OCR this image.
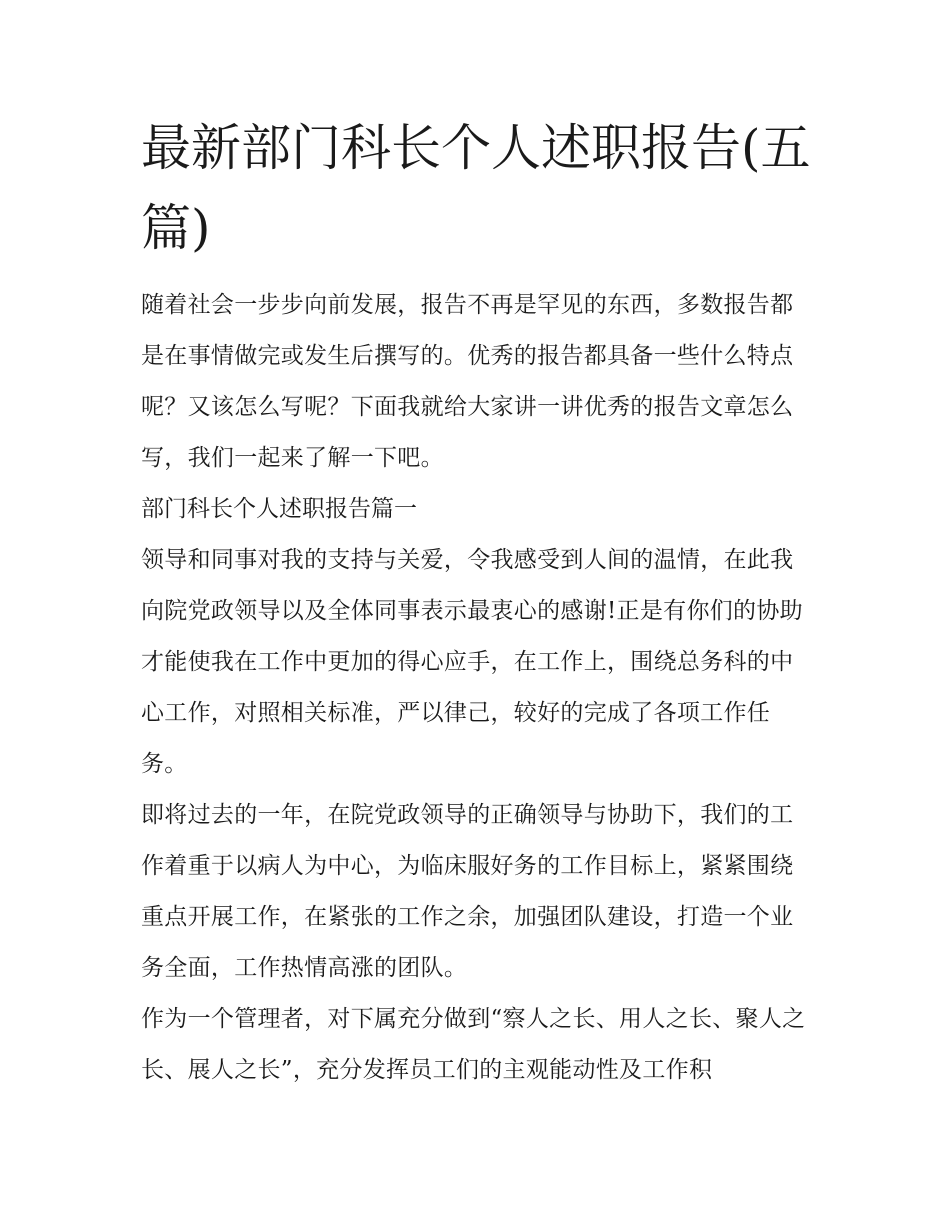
最新部门科长个人述职报告(五篇)

随着社会一步步向前发展，报告不再是罕见的东西，多数报告都是在事情做完或发生后撰写的。优秀的报告都具备一些什么特点呢？又该怎么写呢？下面我就给大家讲一讲优秀的报告文章怎么写，我们一起来了解一下吧。

部门科长个人述职报告篇一

领导和同事对我的支持与关爱，令我感受到人间的温情，在此我向院党政领导以及全体同事表示最衷心的感谢!正是有你们的协助才能使我在工作中更加的得心应手，在工作上，围绕总务科的中心工作，对照相关标准，严以律己，较好的完成了各项工作任务。

即将过去的一年，在院党政领导的正确领导与协助下，我们的工作着重于以病人为中心，为临床服好务的工作目标上，紧紧围绕重点开展工作，在紧张的工作之余，加强团队建设，打造一个业务全面，工作热情高涨的团队。

作为一个管理者，对下属充分做到“察人之长、用人之长、聚人之长、展人之长”，充分发挥员工们的主观能动性及工作积
